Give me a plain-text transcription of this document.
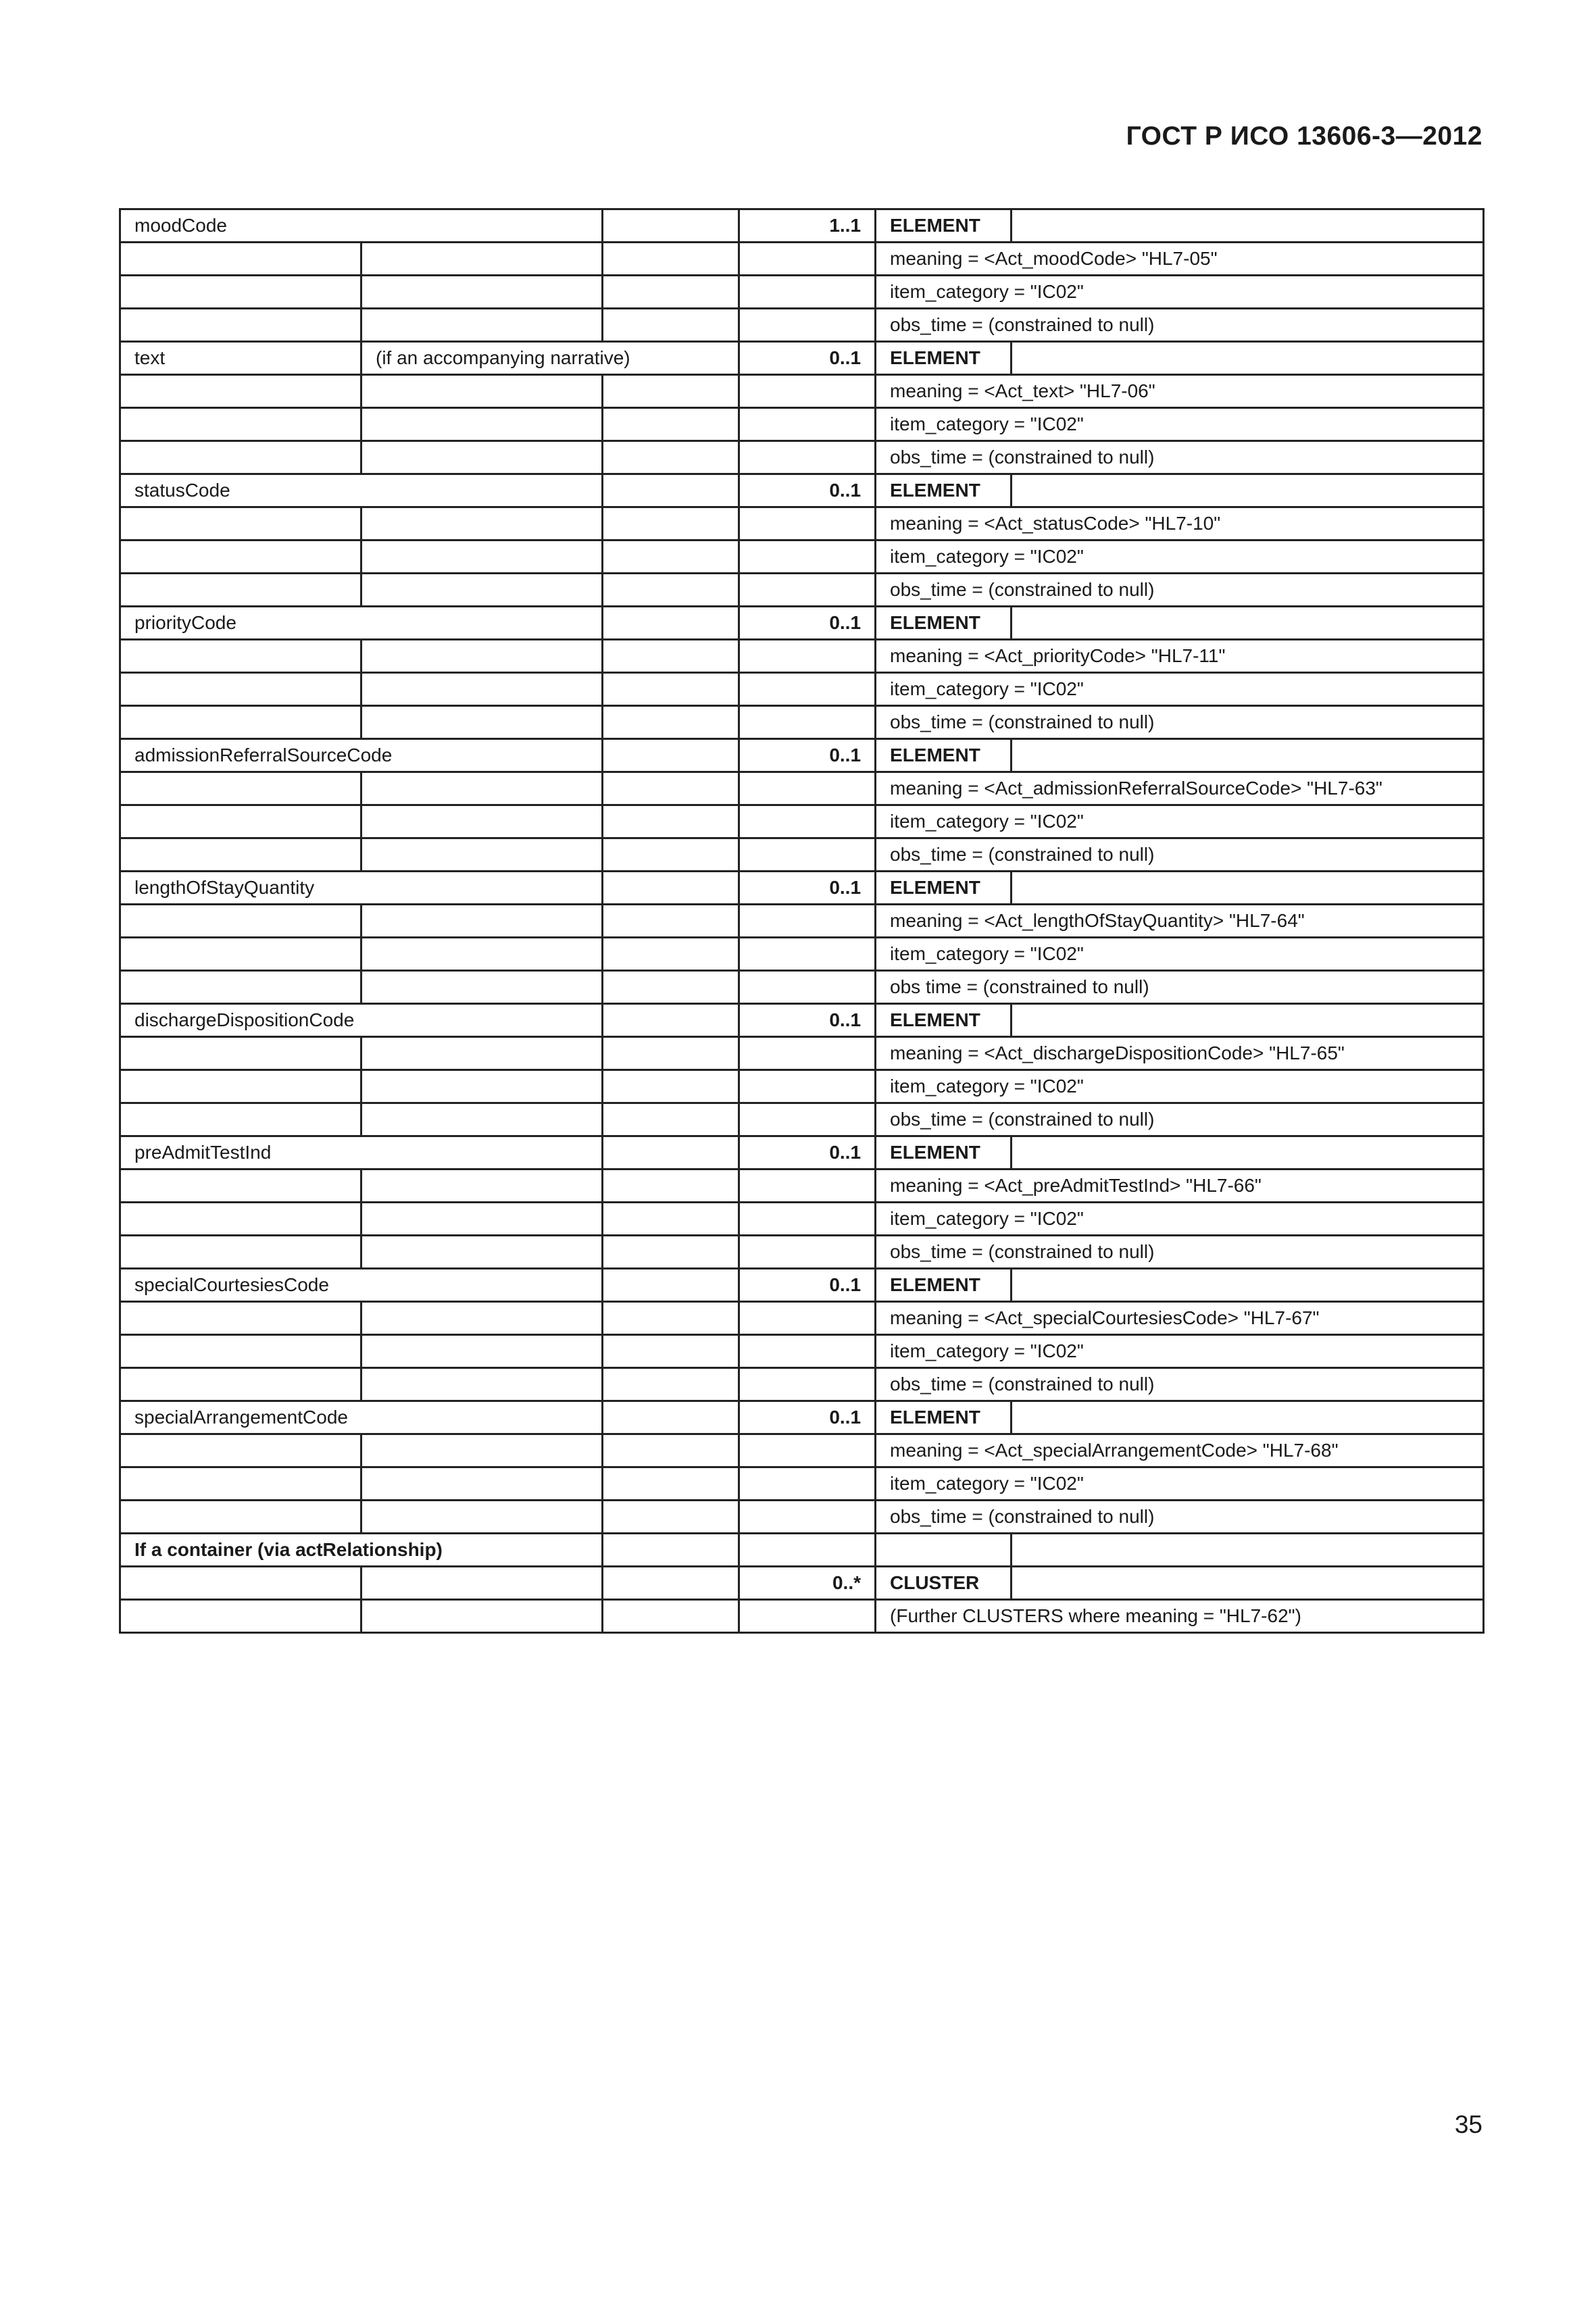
ГОСТ Р ИСО 13606-3—2012
moodCode			1..1	ELEMENT	
				meaning = <Act_moodCode> "HL7-05"	
				item_category = "IC02"	
				obs_time = (constrained to null)	
text	(if an accompanying narrative)		0..1	ELEMENT	
				meaning = <Act_text> "HL7-06"	
				item_category = "IC02"	
				obs_time = (constrained to null)	
statusCode			0..1	ELEMENT	
				meaning = <Act_statusCode> "HL7-10"	
				item_category = "IC02"	
				obs_time = (constrained to null)	
priorityCode			0..1	ELEMENT	
				meaning = <Act_priorityCode> "HL7-11"	
				item_category = "IC02"	
				obs_time = (constrained to null)	
admissionReferralSourceCode			0..1	ELEMENT	
				meaning = <Act_admissionReferralSourceCode> "HL7-63"	
				item_category = "IC02"	
				obs_time = (constrained to null)	
lengthOfStayQuantity			0..1	ELEMENT	
				meaning = <Act_lengthOfStayQuantity> "HL7-64"	
				item_category = "IC02"	
				obs time = (constrained to null)	
dischargeDispositionCode			0..1	ELEMENT	
				meaning = <Act_dischargeDispositionCode> "HL7-65"	
				item_category = "IC02"	
				obs_time = (constrained to null)	
preAdmitTestInd			0..1	ELEMENT	
				meaning = <Act_preAdmitTestInd> "HL7-66"	
				item_category = "IC02"	
				obs_time = (constrained to null)	
specialCourtesiesCode			0..1	ELEMENT	
				meaning = <Act_specialCourtesiesCode> "HL7-67"	
				item_category = "IC02"	
				obs_time = (constrained to null)	
specialArrangementCode			0..1	ELEMENT	
				meaning = <Act_specialArrangementCode> "HL7-68"	
				item_category = "IC02"	
				obs_time = (constrained to null)	
If a container (via actRelationship)					
			0..*	CLUSTER	
				(Further CLUSTERS where meaning = "HL7-62")	
35
